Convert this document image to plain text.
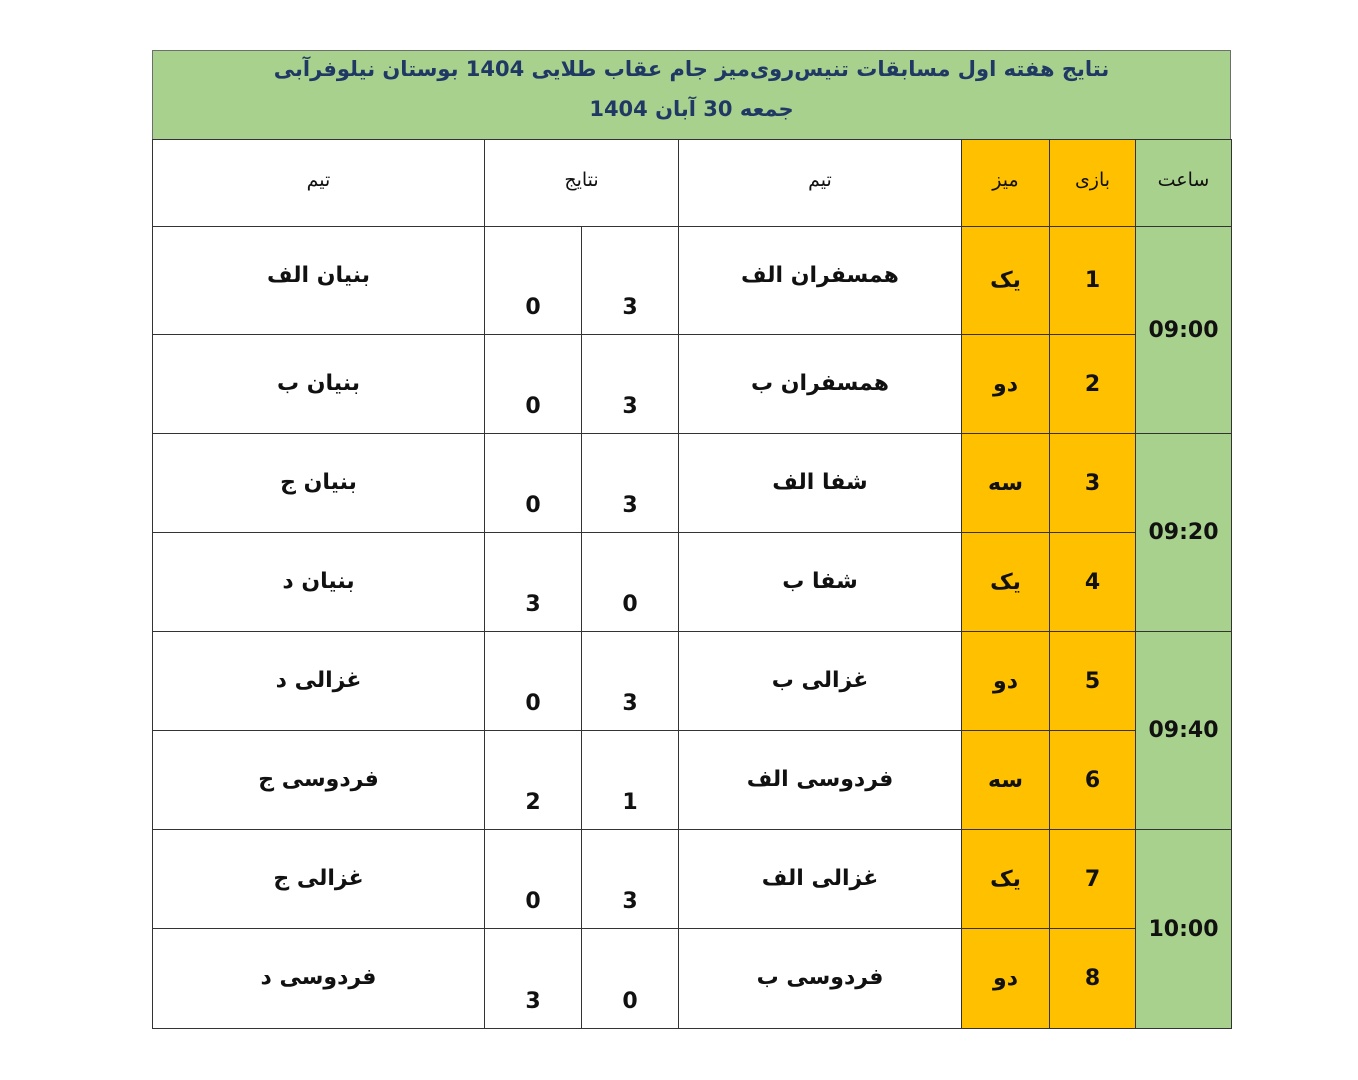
نتایج هفته اول مسابقات تنیس‌روی‌میز جام عقاب طلایی 1404 بوستان نیلوفرآبی
جمعه 30 آبان 1404
تیم	نتایج		تیم	میز	بازی	ساعت
بنیان الف	0	3	همسفران الف	یک	1	09:00
بنیان ب	0	3	همسفران ب	دو	2	
بنیان ج	0	3	شفا الف	سه	3	09:20
بنیان د	3	0	شفا ب	یک	4	
غزالی د	0	3	غزالی ب	دو	5	09:40
فردوسی ج	2	1	فردوسی الف	سه	6	
غزالی ج	0	3	غزالی الف	یک	7	10:00
فردوسی د	3	0	فردوسی ب	دو	8	
